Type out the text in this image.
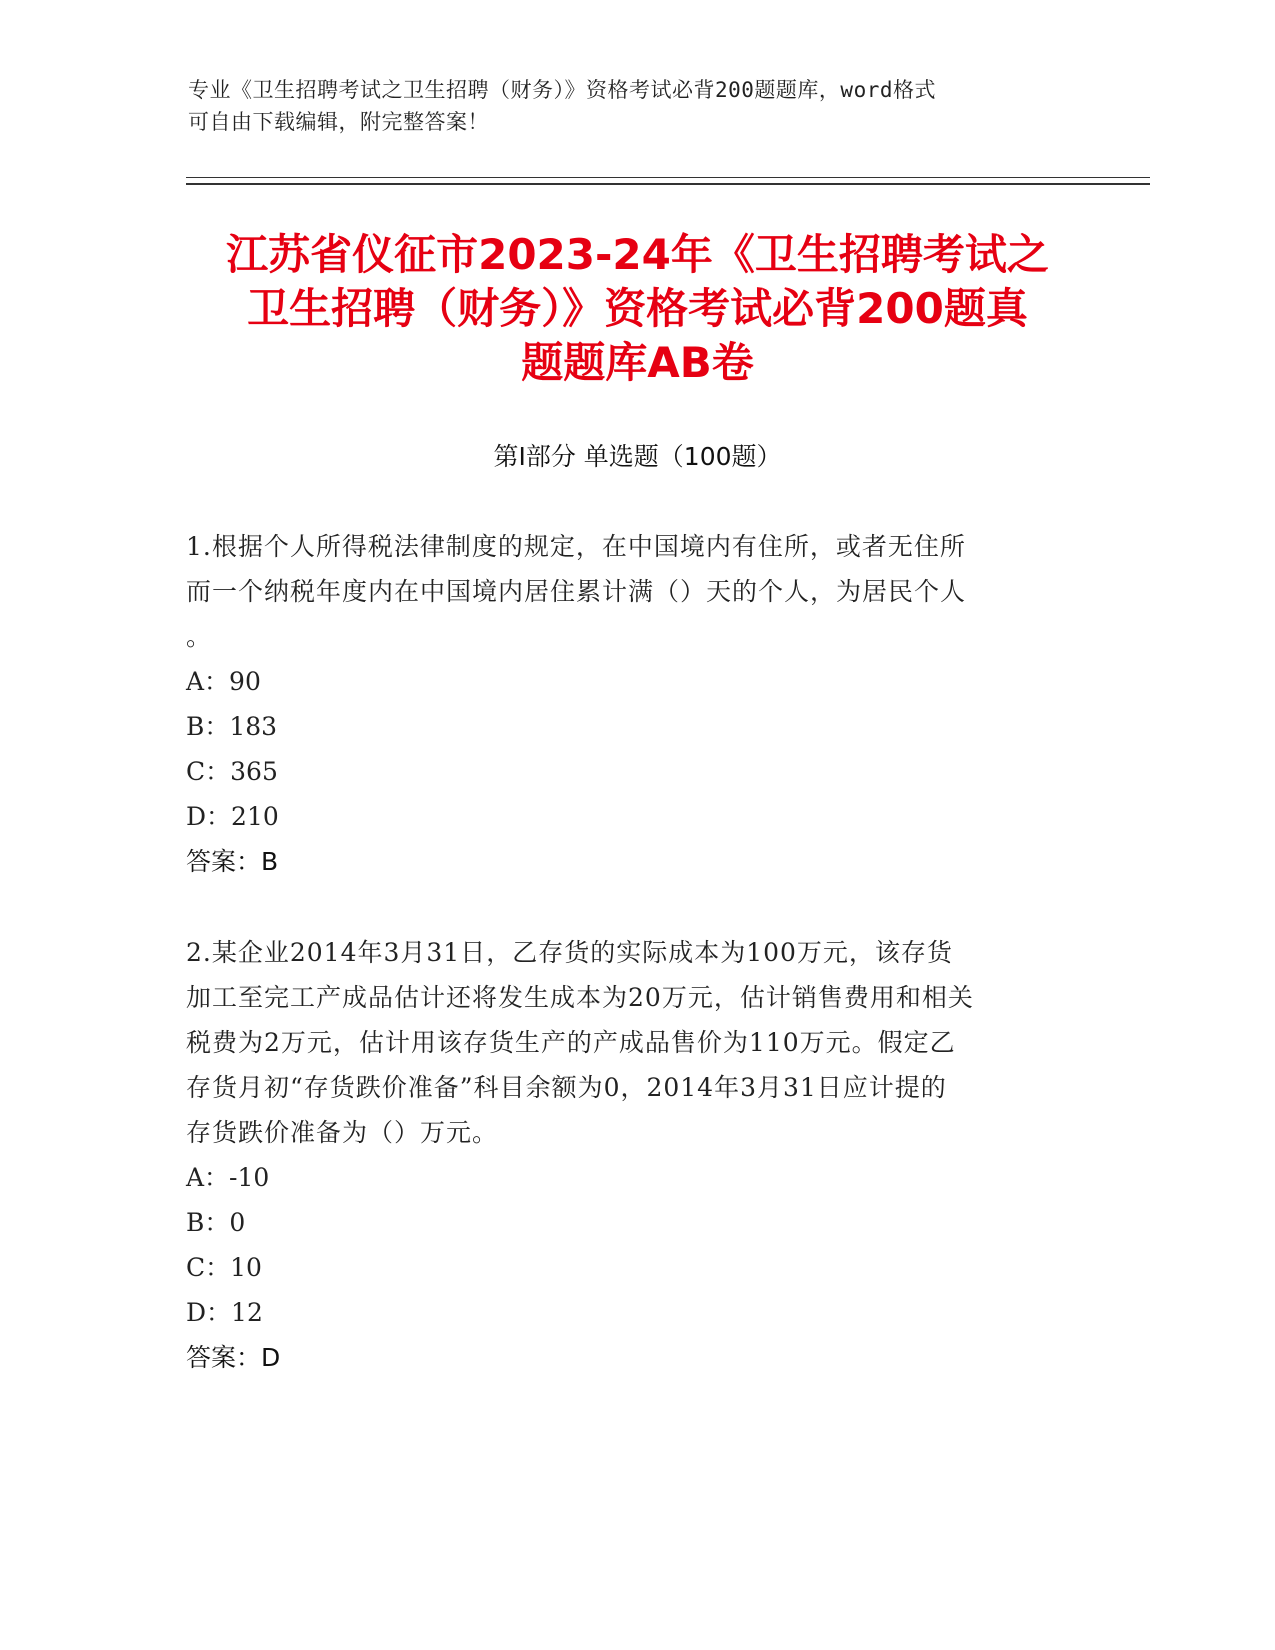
专业《卫生招聘考试之卫生招聘（财务）》资格考试必背200题题库，word格式
可自由下载编辑，附完整答案！
江苏省仪征市2023-24年《卫生招聘考试之
卫生招聘（财务）》资格考试必背200题真
题题库AB卷
第Ⅰ部分 单选题（100题）
1.根据个人所得税法律制度的规定，在中国境内有住所，或者无住所
而一个纳税年度内在中国境内居住累计满（）天的个人，为居民个人
。
A：90
B：183
C：365
D：210
答案：B
2.某企业2014年3月31日，乙存货的实际成本为100万元，该存货
加工至完工产成品估计还将发生成本为20万元，估计销售费用和相关
税费为2万元，估计用该存货生产的产成品售价为110万元。假定乙
存货月初“存货跌价准备”科目余额为0，2014年3月31日应计提的
存货跌价准备为（）万元。
A：-10
B：0
C：10
D：12
答案：D
